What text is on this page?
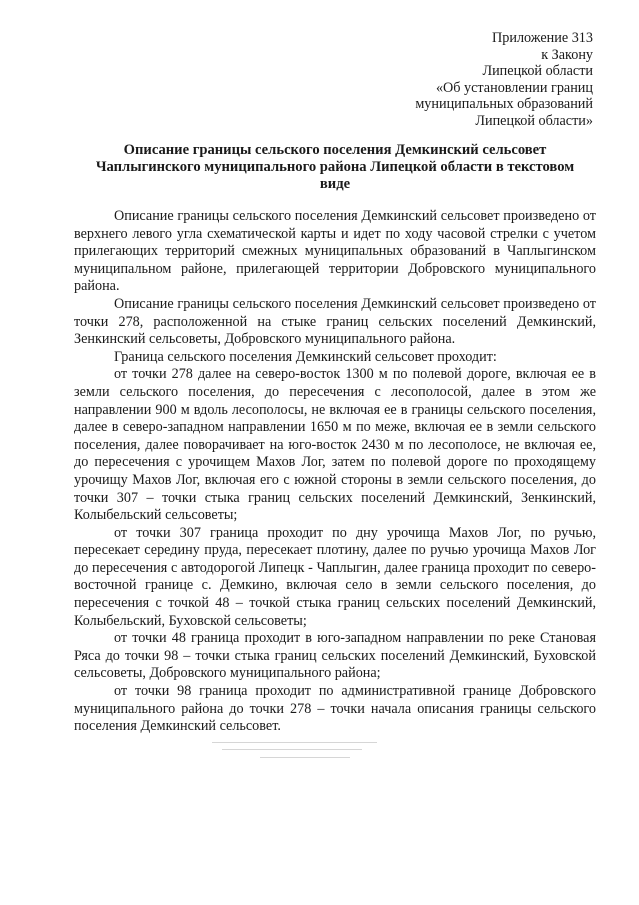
Приложение 313
к Закону
Липецкой области
«Об установлении границ
муниципальных образований
Липецкой области»
Описание границы сельского поселения Демкинский сельсовет
Чаплыгинского муниципального района Липецкой области в текстовом
виде

Описание границы сельского поселения Демкинский сельсовет произведено от верхнего левого угла схематической карты и идет по ходу часовой стрелки с учетом прилегающих территорий смежных муниципальных образований в Чаплыгинском муниципальном районе, прилегающей территории Добровского муниципального района.

Описание границы сельского поселения Демкинский сельсовет произведено от точки 278, расположенной на стыке границ сельских поселений Демкинский, Зенкинский сельсоветы, Добровского муниципального района.

Граница сельского поселения Демкинский сельсовет проходит:

от точки 278 далее на северо-восток 1300 м по полевой дороге, включая ее в земли сельского поселения, до пересечения с лесополосой, далее в этом же направлении 900 м вдоль лесополосы, не включая ее в границы сельского поселения, далее в северо-западном направлении 1650 м по меже, включая ее в земли сельского поселения, далее поворачивает на юго-восток 2430 м по лесополосе, не включая ее, до пересечения с урочищем Махов Лог, затем по полевой дороге по проходящему урочищу Махов Лог, включая его с южной стороны в земли сельского поселения, до точки 307 – точки стыка границ сельских поселений Демкинский, Зенкинский, Колыбельский сельсоветы;

от точки 307 граница проходит по дну урочища Махов Лог, по ручью, пересекает середину пруда, пересекает плотину, далее по ручью урочища Махов Лог до пересечения с автодорогой Липецк - Чаплыгин, далее граница проходит по северо-восточной границе с. Демкино, включая село в земли сельского поселения, до пересечения с точкой 48 – точкой стыка границ сельских поселений Демкинский, Колыбельский, Буховской сельсоветы;

от точки 48 граница проходит в юго-западном направлении по реке Становая Ряса до точки 98 – точки стыка границ сельских поселений Демкинский, Буховской сельсоветы, Добровского муниципального района;

от точки 98 граница проходит по административной границе Добровского муниципального района до точки 278 – точки начала описания границы сельского поселения Демкинский сельсовет.
